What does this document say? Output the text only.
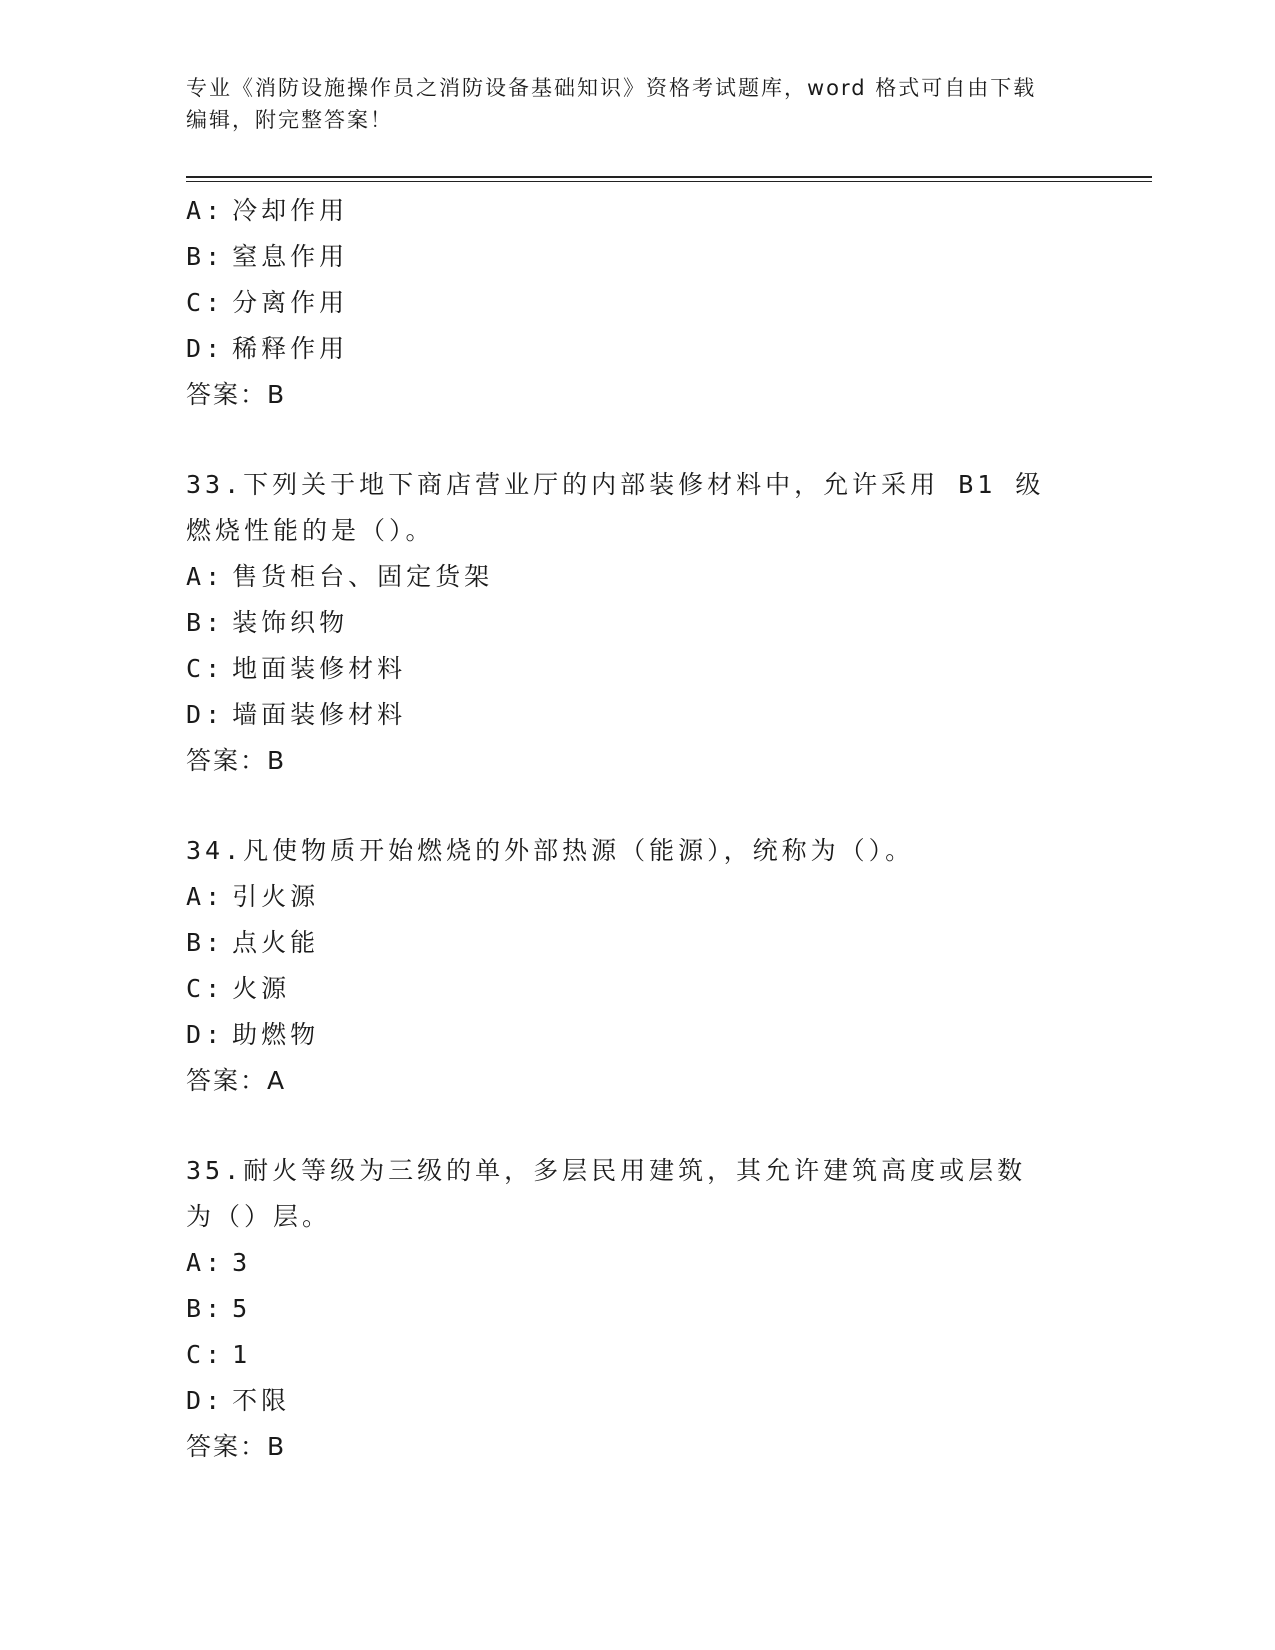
专业《消防设施操作员之消防设备基础知识》资格考试题库，word 格式可自由下载编辑，附完整答案！
A: 冷却作用
B: 窒息作用
C: 分离作用
D: 稀释作用
答案：B
33.下列关于地下商店营业厅的内部装修材料中，允许采用 B1 级燃烧性能的是（）。
A: 售货柜台、固定货架
B: 装饰织物
C: 地面装修材料
D: 墙面装修材料
答案：B
34.凡使物质开始燃烧的外部热源（能源），统称为（）。
A: 引火源
B: 点火能
C: 火源
D: 助燃物
答案：A
35.耐火等级为三级的单，多层民用建筑，其允许建筑高度或层数为（）层。
A: 3
B: 5
C: 1
D: 不限
答案：B
